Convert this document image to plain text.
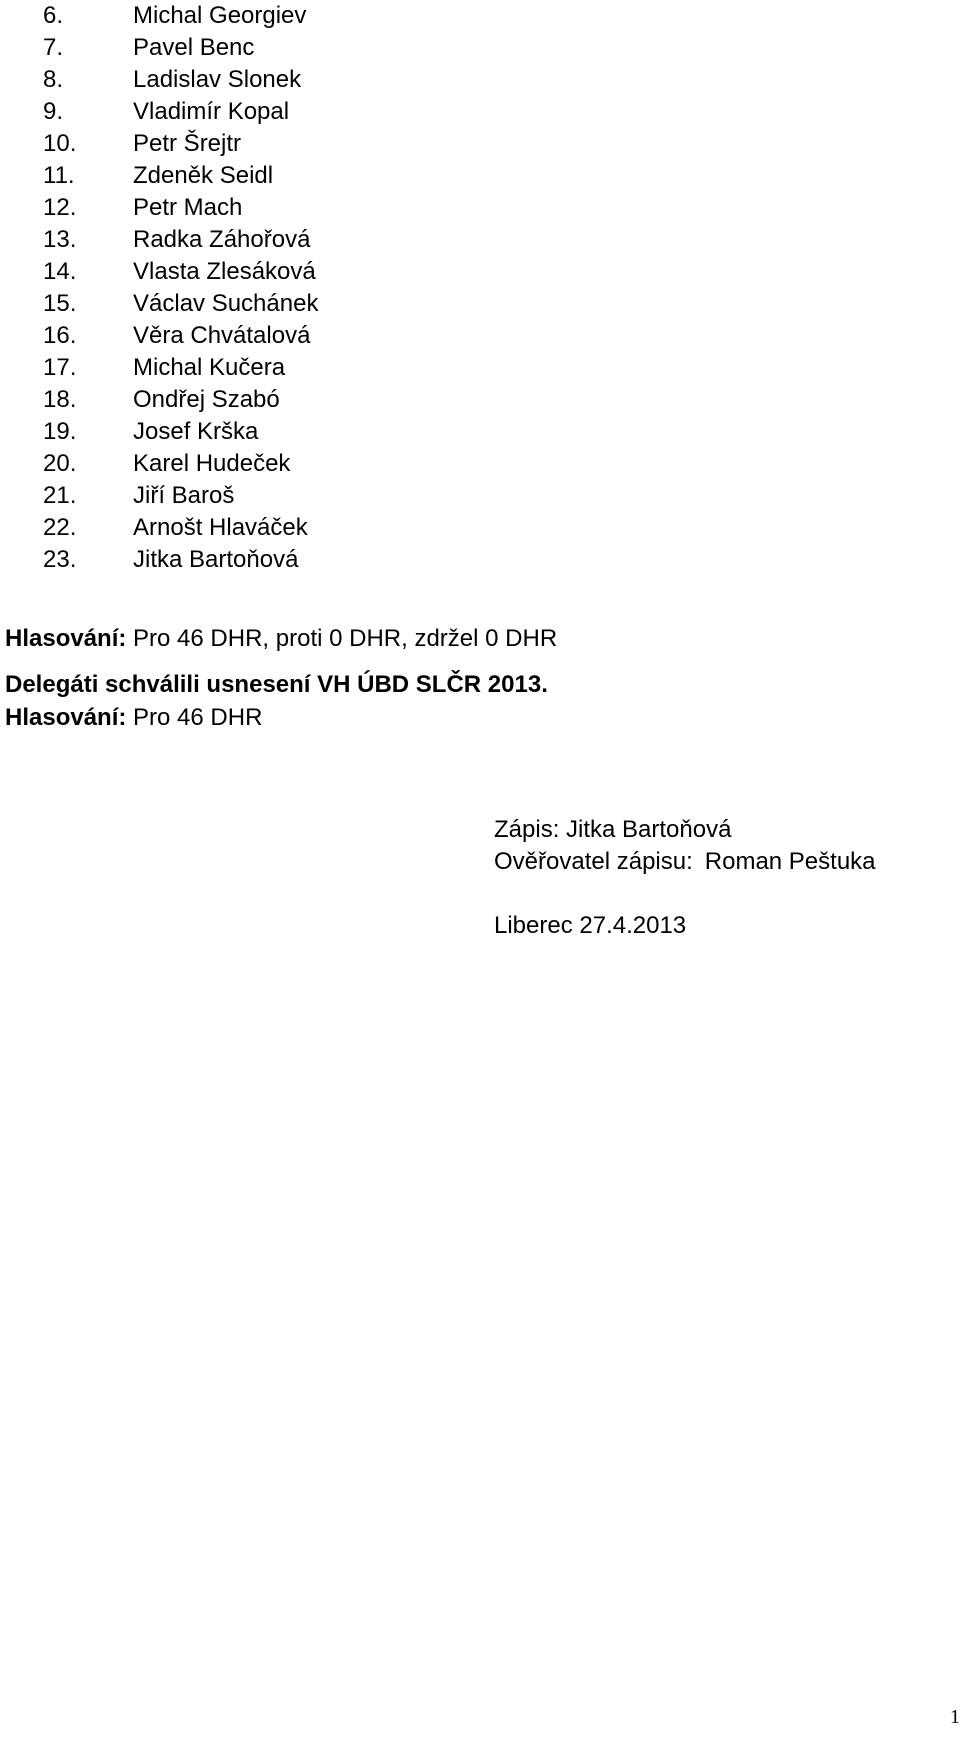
6.	Michal Georgiev
7.	Pavel Benc
8.	Ladislav Slonek
9.	Vladimír Kopal
10.	Petr Šrejtr
11.	Zdeněk Seidl
12.	Petr Mach
13.	Radka Záhořová
14.	Vlasta Zlesáková
15.	Václav Suchánek
16.	Věra Chvátalová
17.	Michal Kučera
18.	Ondřej Szabó
19.	Josef Krška
20.	Karel Hudeček
21.	Jiří Baroš
22.	Arnošt Hlaváček
23.	Jitka Bartoňová
Hlasování: Pro 46 DHR, proti 0 DHR, zdržel 0 DHR
Delegáti schválili usnesení VH ÚBD SLČR 2013.
Hlasování: Pro 46 DHR
Zápis: Jitka Bartoňová
Ověřovatel zápisu: Roman Peštuka
Liberec 27.4.2013
1
